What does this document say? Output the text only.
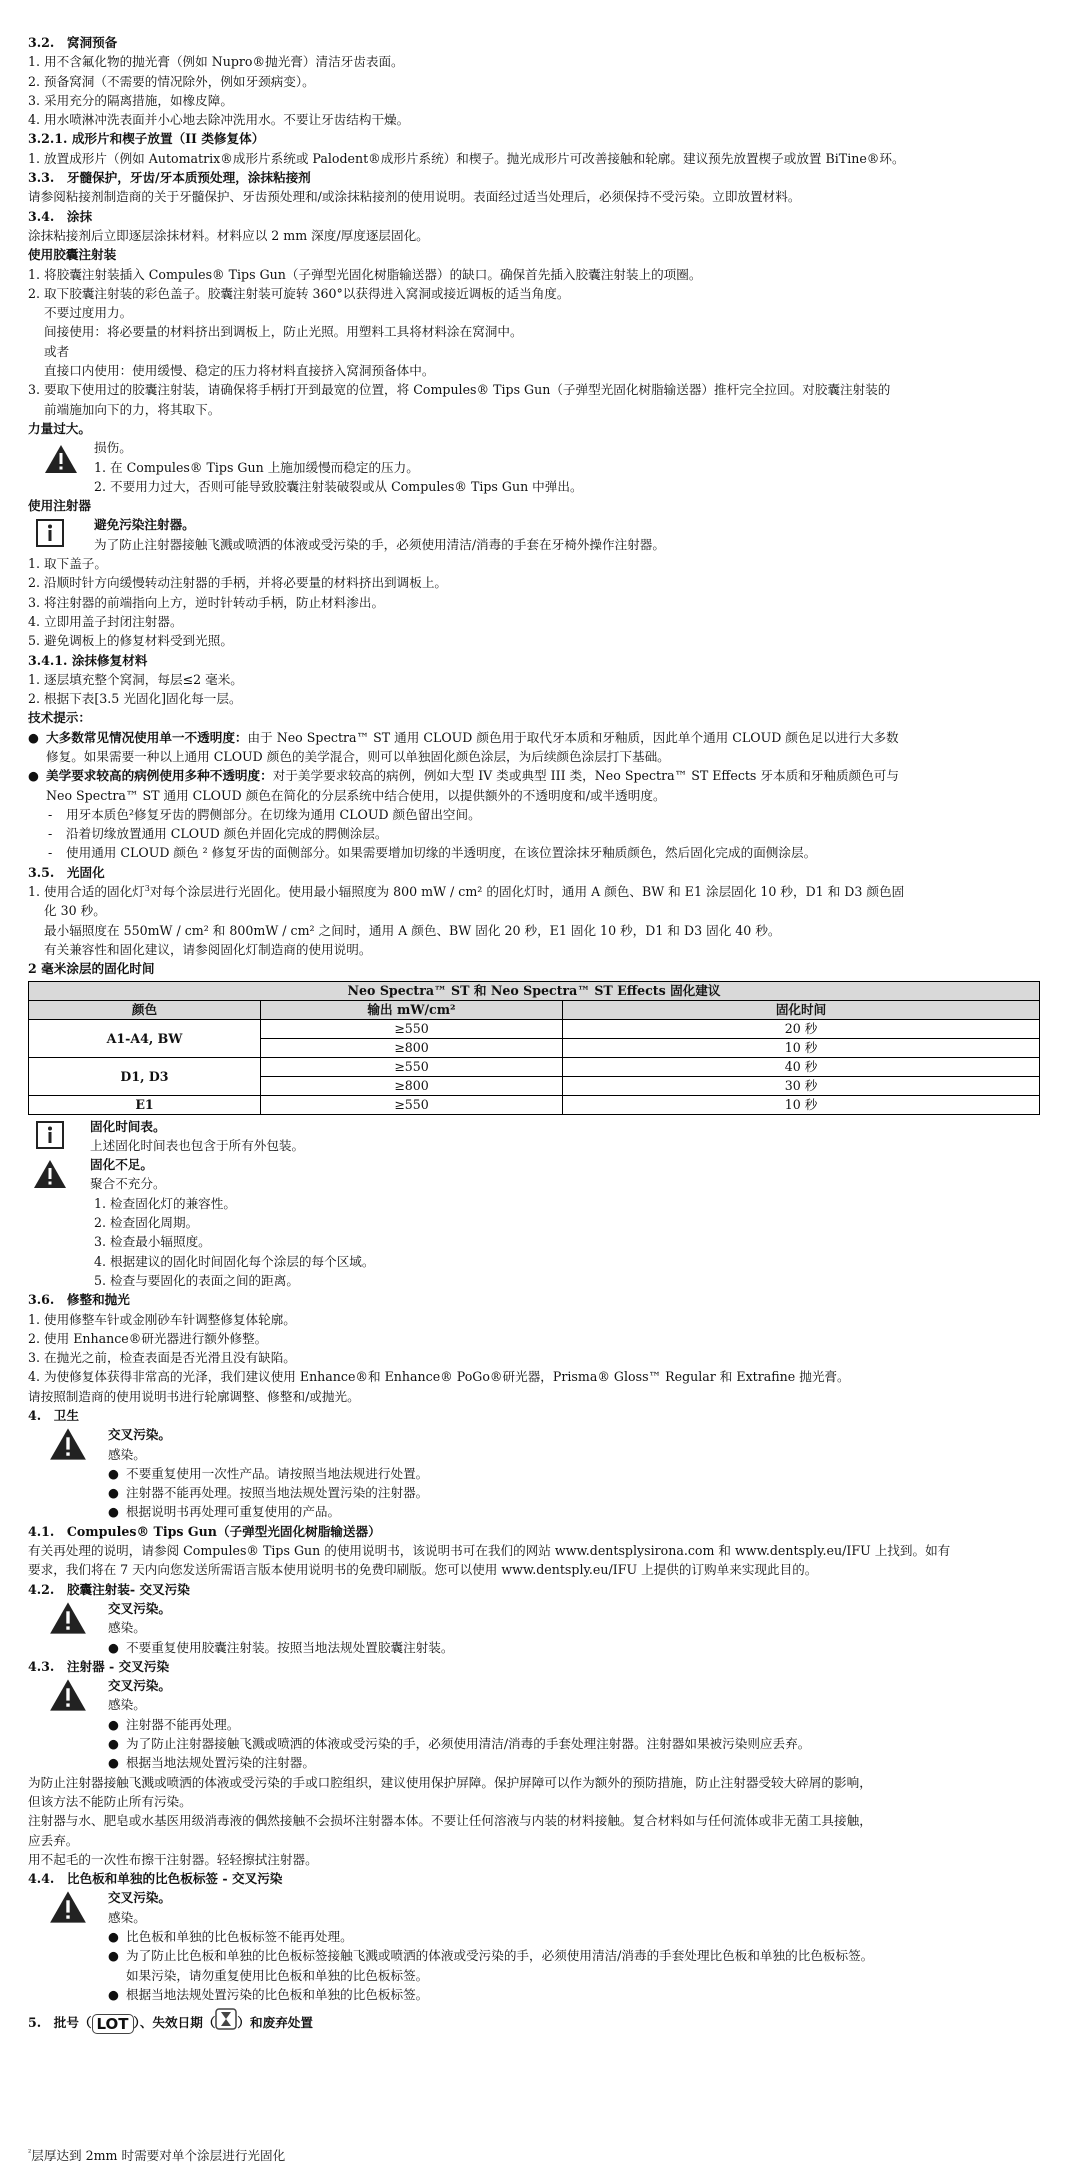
3.2.　窝洞预备
1. 用不含氟化物的抛光膏（例如 Nupro®抛光膏）清洁牙齿表面。
2. 预备窝洞（不需要的情况除外，例如牙颈病变）。
3. 采用充分的隔离措施，如橡皮障。
4. 用水喷淋冲洗表面并小心地去除冲洗用水。不要让牙齿结构干燥。
3.2.1. 成形片和楔子放置（II 类修复体）
1. 放置成形片（例如 Automatrix®成形片系统或 Palodent®成形片系统）和楔子。抛光成形片可改善接触和轮廓。建议预先放置楔子或放置 BiTine®环。
3.3.　牙髓保护，牙齿/牙本质预处理，涂抹粘接剂
请参阅粘接剂制造商的关于牙髓保护、牙齿预处理和/或涂抹粘接剂的使用说明。表面经过适当处理后，必须保持不受污染。立即放置材料。
3.4.　涂抹
涂抹粘接剂后立即逐层涂抹材料。材料应以 2 mm 深度/厚度逐层固化。
使用胶囊注射装
1. 将胶囊注射装插入 Compules® Tips Gun（子弹型光固化树脂输送器）的缺口。确保首先插入胶囊注射装上的项圈。
2. 取下胶囊注射装的彩色盖子。胶囊注射装可旋转 360°以获得进入窝洞或接近调板的适当角度。
不要过度用力。
间接使用：将必要量的材料挤出到调板上，防止光照。用塑料工具将材料涂在窝洞中。
或者
直接口内使用：使用缓慢、稳定的压力将材料直接挤入窝洞预备体中。
3. 要取下使用过的胶囊注射装，请确保将手柄打开到最宽的位置，将 Compules® Tips Gun（子弹型光固化树脂输送器）推杆完全拉回。对胶囊注射装的
前端施加向下的力，将其取下。
力量过大。
损伤。
1. 在 Compules® Tips Gun 上施加缓慢而稳定的压力。
2. 不要用力过大，否则可能导致胶囊注射装破裂或从 Compules® Tips Gun 中弹出。
使用注射器
避免污染注射器。
为了防止注射器接触飞溅或喷洒的体液或受污染的手，必须使用清洁/消毒的手套在牙椅外操作注射器。
1. 取下盖子。
2. 沿顺时针方向缓慢转动注射器的手柄，并将必要量的材料挤出到调板上。
3. 将注射器的前端指向上方，逆时针转动手柄，防止材料渗出。
4. 立即用盖子封闭注射器。
5. 避免调板上的修复材料受到光照。
3.4.1. 涂抹修复材料
1. 逐层填充整个窝洞，每层≤2 毫米。
2. 根据下表[3.5 光固化]固化每一层。
技术提示：
● 大多数常见情况使用单一不透明度：由于 Neo Spectra™ ST 通用 CLOUD 颜色用于取代牙本质和牙釉质，因此单个通用 CLOUD 颜色足以进行大多数
修复。如果需要一种以上通用 CLOUD 颜色的美学混合，则可以单独固化颜色涂层，为后续颜色涂层打下基础。
● 美学要求较高的病例使用多种不透明度：对于美学要求较高的病例，例如大型 IV 类或典型 III 类，Neo Spectra™ ST Effects 牙本质和牙釉质颜色可与
Neo Spectra™ ST 通用 CLOUD 颜色在简化的分层系统中结合使用，以提供额外的不透明度和/或半透明度。
-	用牙本质色²修复牙齿的腭侧部分。在切缘为通用 CLOUD 颜色留出空间。
-	沿着切缘放置通用 CLOUD 颜色并固化完成的腭侧涂层。
-	使用通用 CLOUD 颜色 ² 修复牙齿的面侧部分。如果需要增加切缘的半透明度，在该位置涂抹牙釉质颜色，然后固化完成的面侧涂层。
3.5.　光固化
1. 使用合适的固化灯$^3$对每个涂层进行光固化。使用最小辐照度为 800 mW / cm² 的固化灯时，通用 A 颜色、BW 和 E1 涂层固化 10 秒，D1 和 D3 颜色固
化 30 秒。
最小辐照度在 550mW / cm² 和 800mW / cm² 之间时，通用 A 颜色、BW 固化 20 秒，E1 固化 10 秒，D1 和 D3 固化 40 秒。
有关兼容性和固化建议，请参阅固化灯制造商的使用说明。
2 毫米涂层的固化时间
Neo Spectra™ ST 和 Neo Spectra™ ST Effects 固化建议		
颜色	输出 mW/cm²	固化时间
A1-A4, BW	≥550	20 秒
	≥800	10 秒
D1, D3	≥550	40 秒
	≥800	30 秒
E1	≥550	10 秒
固化时间表。
上述固化时间表也包含于所有外包装。
固化不足。
聚合不充分。
1. 检查固化灯的兼容性。
2. 检查固化周期。
3. 检查最小辐照度。
4. 根据建议的固化时间固化每个涂层的每个区域。
5. 检查与要固化的表面之间的距离。
3.6.　修整和抛光
1. 使用修整车针或金刚砂车针调整修复体轮廓。
2. 使用 Enhance®研光器进行额外修整。
3. 在抛光之前，检查表面是否光滑且没有缺陷。
4. 为使修复体获得非常高的光泽，我们建议使用 Enhance®和 Enhance® PoGo®研光器，Prisma® Gloss™ Regular 和 Extrafine 抛光膏。
请按照制造商的使用说明书进行轮廓调整、修整和/或抛光。
4.　卫生
交叉污染。
感染。
● 不要重复使用一次性产品。请按照当地法规进行处置。
● 注射器不能再处理。按照当地法规处置污染的注射器。
● 根据说明书再处理可重复使用的产品。
4.1.　Compules® Tips Gun（子弹型光固化树脂输送器）
有关再处理的说明，请参阅 Compules® Tips Gun 的使用说明书，该说明书可在我们的网站 www.dentsplysirona.com 和 www.dentsply.eu/IFU 上找到。如有
要求，我们将在 7 天内向您发送所需语言版本使用说明书的免费印刷版。您可以使用 www.dentsply.eu/IFU 上提供的订购单来实现此目的。
4.2.　胶囊注射装- 交叉污染
交叉污染。
感染。
● 不要重复使用胶囊注射装。按照当地法规处置胶囊注射装。
4.3.　注射器 - 交叉污染
交叉污染。
感染。
● 注射器不能再处理。
● 为了防止注射器接触飞溅或喷洒的体液或受污染的手，必须使用清洁/消毒的手套处理注射器。注射器如果被污染则应丢弃。
● 根据当地法规处置污染的注射器。
为防止注射器接触飞溅或喷洒的体液或受污染的手或口腔组织，建议使用保护屏障。保护屏障可以作为额外的预防措施，防止注射器受较大碎屑的影响，
但该方法不能防止所有污染。
注射器与水、肥皂或水基医用级消毒液的偶然接触不会损坏注射器本体。不要让任何溶液与内装的材料接触。复合材料如与任何流体或非无菌工具接触，
应丢弃。
用不起毛的一次性布擦干注射器。轻轻擦拭注射器。
4.4.　比色板和单独的比色板标签 - 交叉污染
交叉污染。
感染。
● 比色板和单独的比色板标签不能再处理。
● 为了防止比色板和单独的比色板标签接触飞溅或喷洒的体液或受污染的手，必须使用清洁/消毒的手套处理比色板和单独的比色板标签。
如果污染，请勿重复使用比色板和单独的比色板标签。
● 根据当地法规处置污染的比色板和单独的比色板标签。
5.　批号（ LOT ）、失效日期（ ）和废弃处置
$^{^2}$层厚达到 2mm 时需要对单个涂层进行光固化
